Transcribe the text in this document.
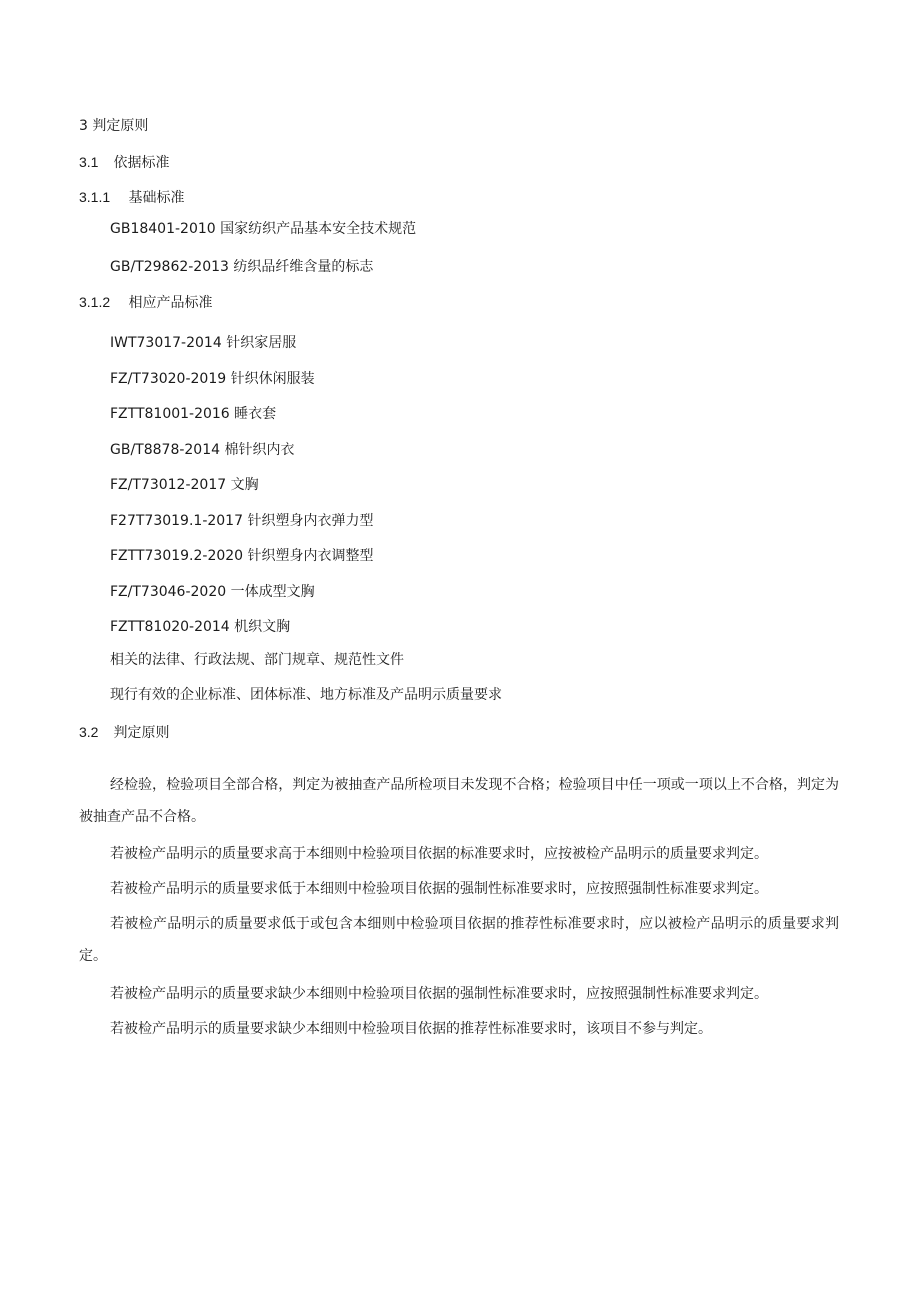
3 判定原则
3.1 依据标准
3.1.1 基础标准
GB18401-2010 国家纺织产品基本安全技术规范
GB/T29862-2013 纺织品纤维含量的标志
3.1.2 相应产品标准
IWT73017-2014 针织家居服
FZ/T73020-2019 针织休闲服装
FZTT81001-2016 睡衣套
GB/T8878-2014 棉针织内衣
FZ/T73012-2017 文胸
F27T73019.1-2017 针织塑身内衣弹力型
FZTT73019.2-2020 针织塑身内衣调整型
FZ/T73046-2020 一体成型文胸
FZTT81020-2014 机织文胸
相关的法律、行政法规、部门规章、规范性文件
现行有效的企业标准、团体标准、地方标准及产品明示质量要求
3.2 判定原则
经检验，检验项目全部合格，判定为被抽查产品所检项目未发现不合格；检验项目中任一项或一项以上不合格，判定为被抽查产品不合格。
若被检产品明示的质量要求高于本细则中检验项目依据的标准要求时，应按被检产品明示的质量要求判定。
若被检产品明示的质量要求低于本细则中检验项目依据的强制性标准要求时，应按照强制性标准要求判定。
若被检产品明示的质量要求低于或包含本细则中检验项目依据的推荐性标准要求时，应以被检产品明示的质量要求判定。
若被检产品明示的质量要求缺少本细则中检验项目依据的强制性标准要求时，应按照强制性标准要求判定。
若被检产品明示的质量要求缺少本细则中检验项目依据的推荐性标准要求时，该项目不参与判定。
